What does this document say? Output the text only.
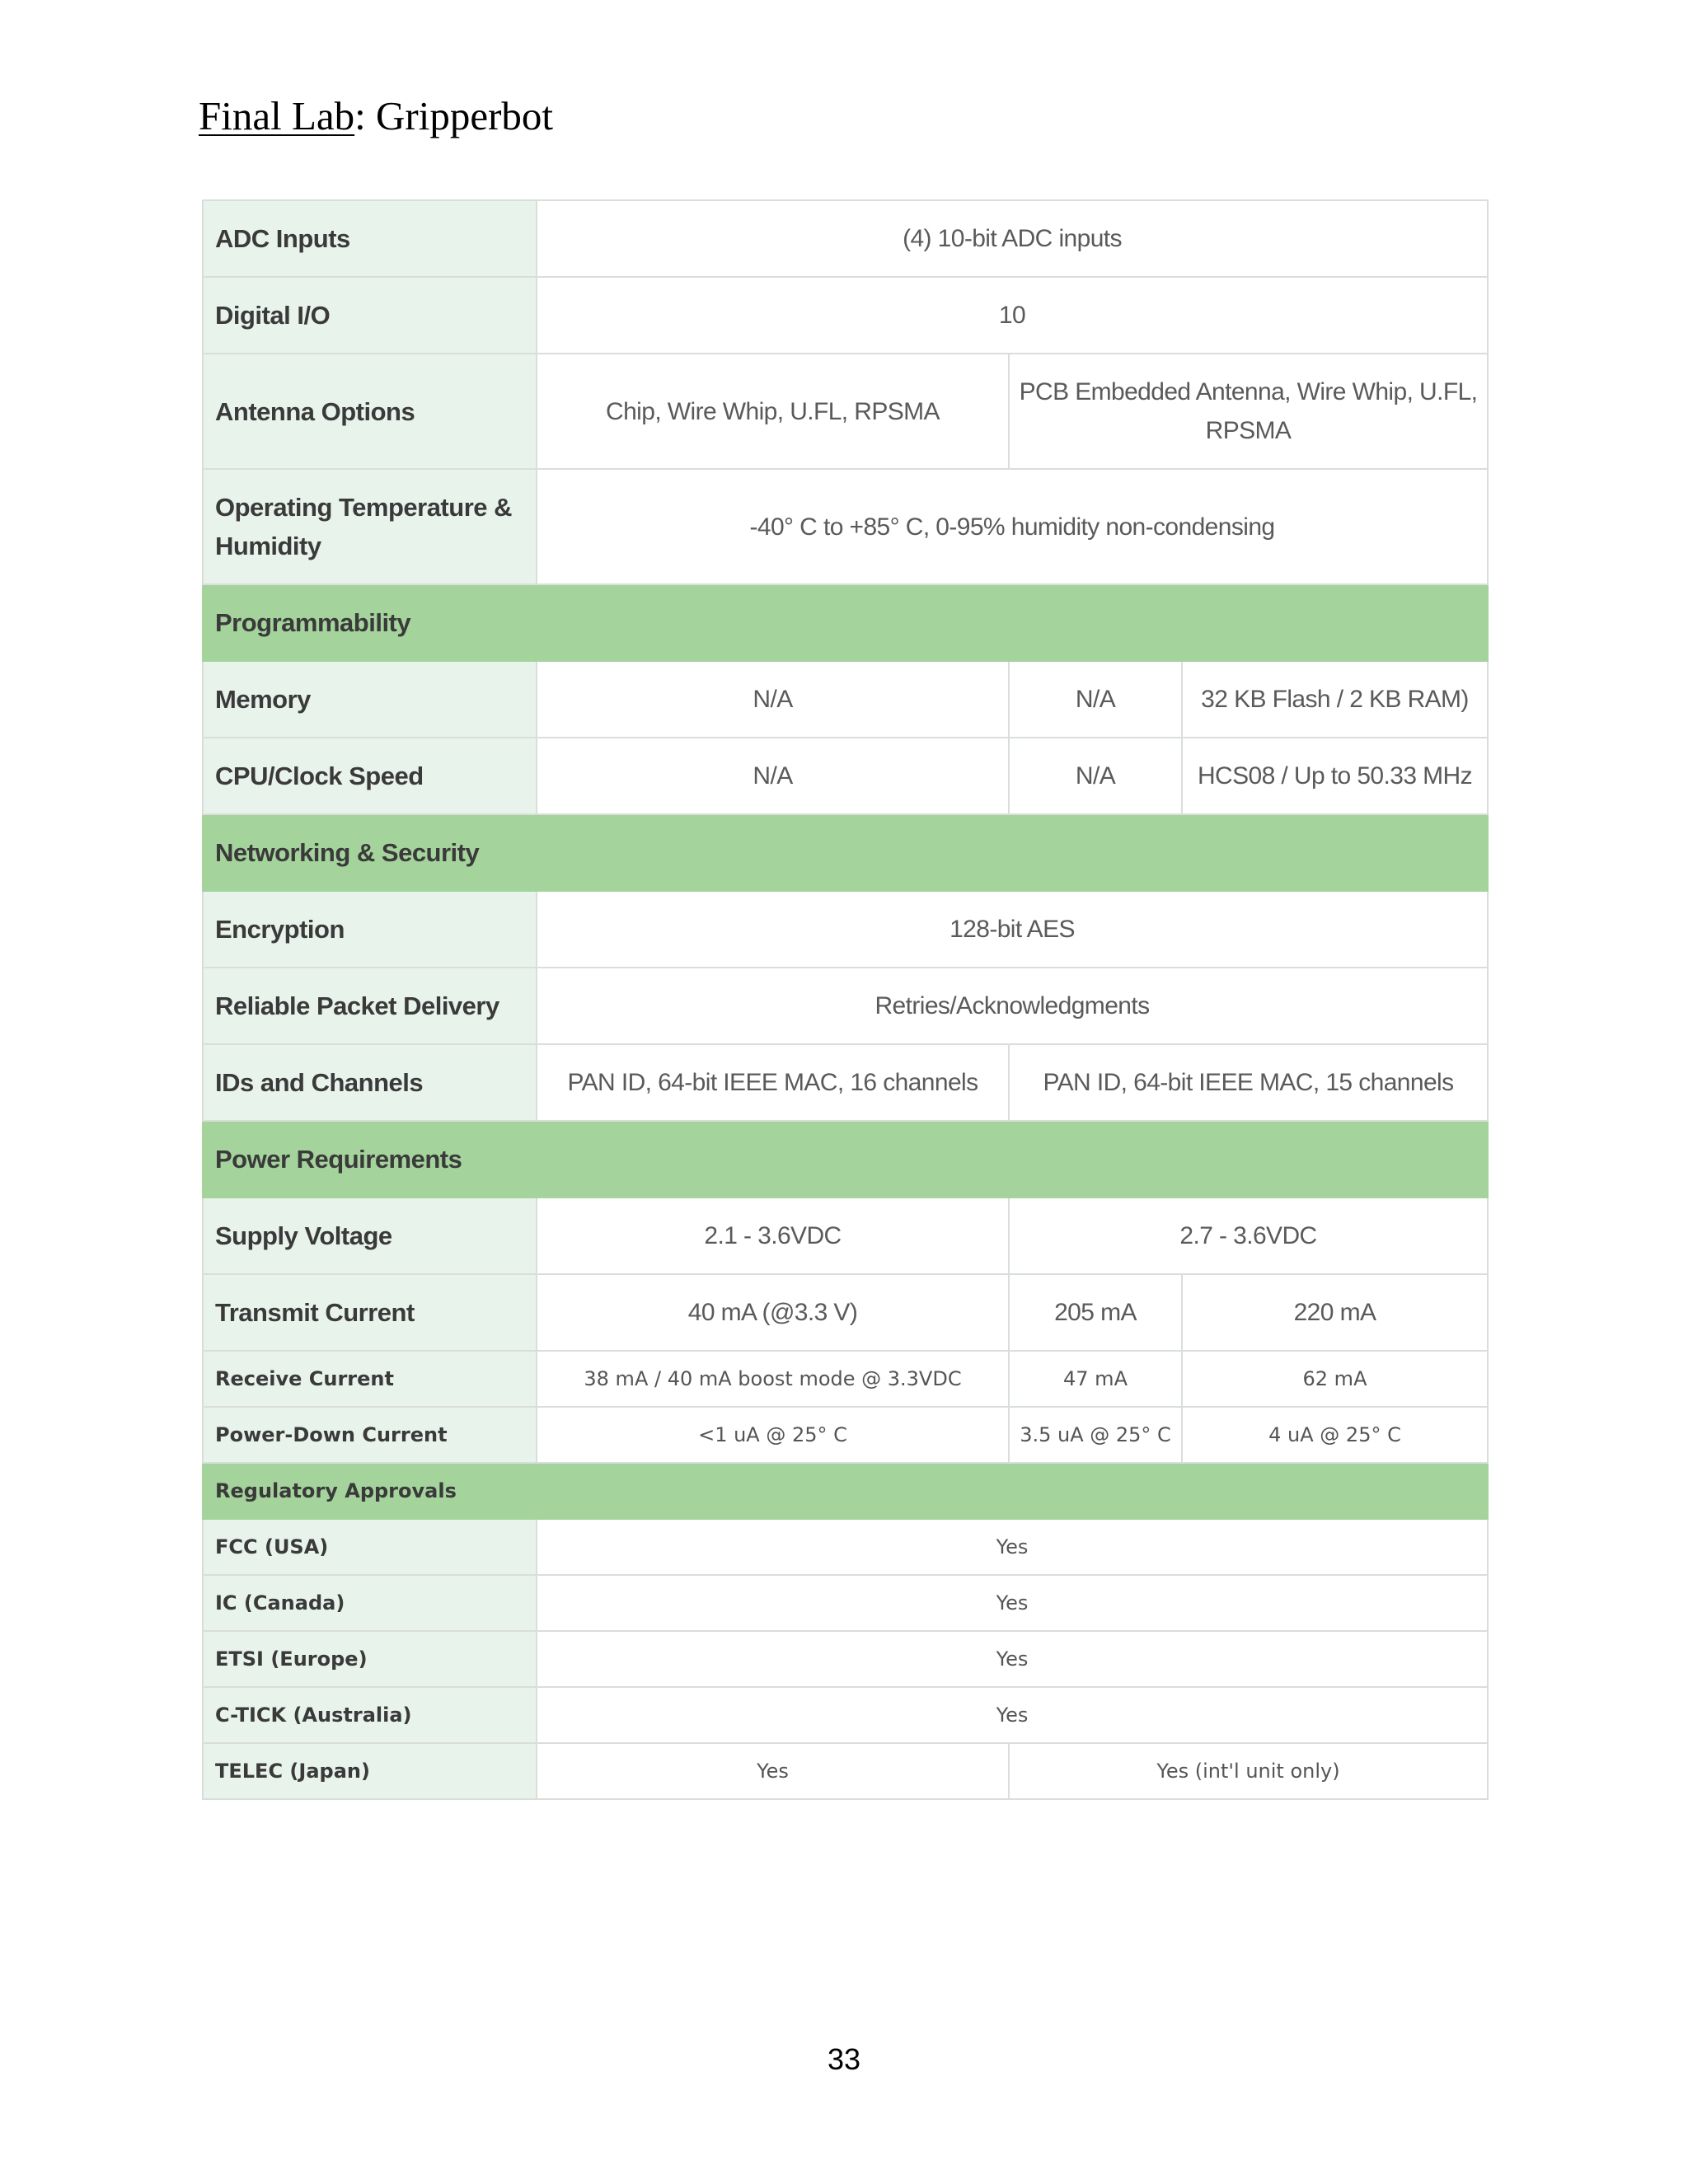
Final Lab: Gripperbot
ADC Inputs	(4) 10-bit ADC inputs		
Digital I/O	10		
Antenna Options	Chip, Wire Whip, U.FL, RPSMA	PCB Embedded Antenna, Wire Whip, U.FL, RPSMA	
Operating Temperature & Humidity	-40° C to +85° C, 0-95% humidity non-condensing		
Programmability			
Memory	N/A	N/A	32 KB Flash / 2 KB RAM)
CPU/Clock Speed	N/A	N/A	HCS08 / Up to 50.33 MHz
Networking & Security			
Encryption	128-bit AES		
Reliable Packet Delivery	Retries/Acknowledgments		
IDs and Channels	PAN ID, 64-bit IEEE MAC, 16 channels	PAN ID, 64-bit IEEE MAC, 15 channels	
Power Requirements			
Supply Voltage	2.1 - 3.6VDC	2.7 - 3.6VDC	
Transmit Current	40 mA (@3.3 V)	205 mA	220 mA
Receive Current	38 mA / 40 mA boost mode @ 3.3VDC	47 mA	62 mA
Power-Down Current	<1 uA @ 25° C	3.5 uA @ 25° C	4 uA @ 25° C
Regulatory Approvals			
FCC (USA)	Yes		
IC (Canada)	Yes		
ETSI (Europe)	Yes		
C-TICK (Australia)	Yes		
TELEC (Japan)	Yes	Yes (int'l unit only)	
33
